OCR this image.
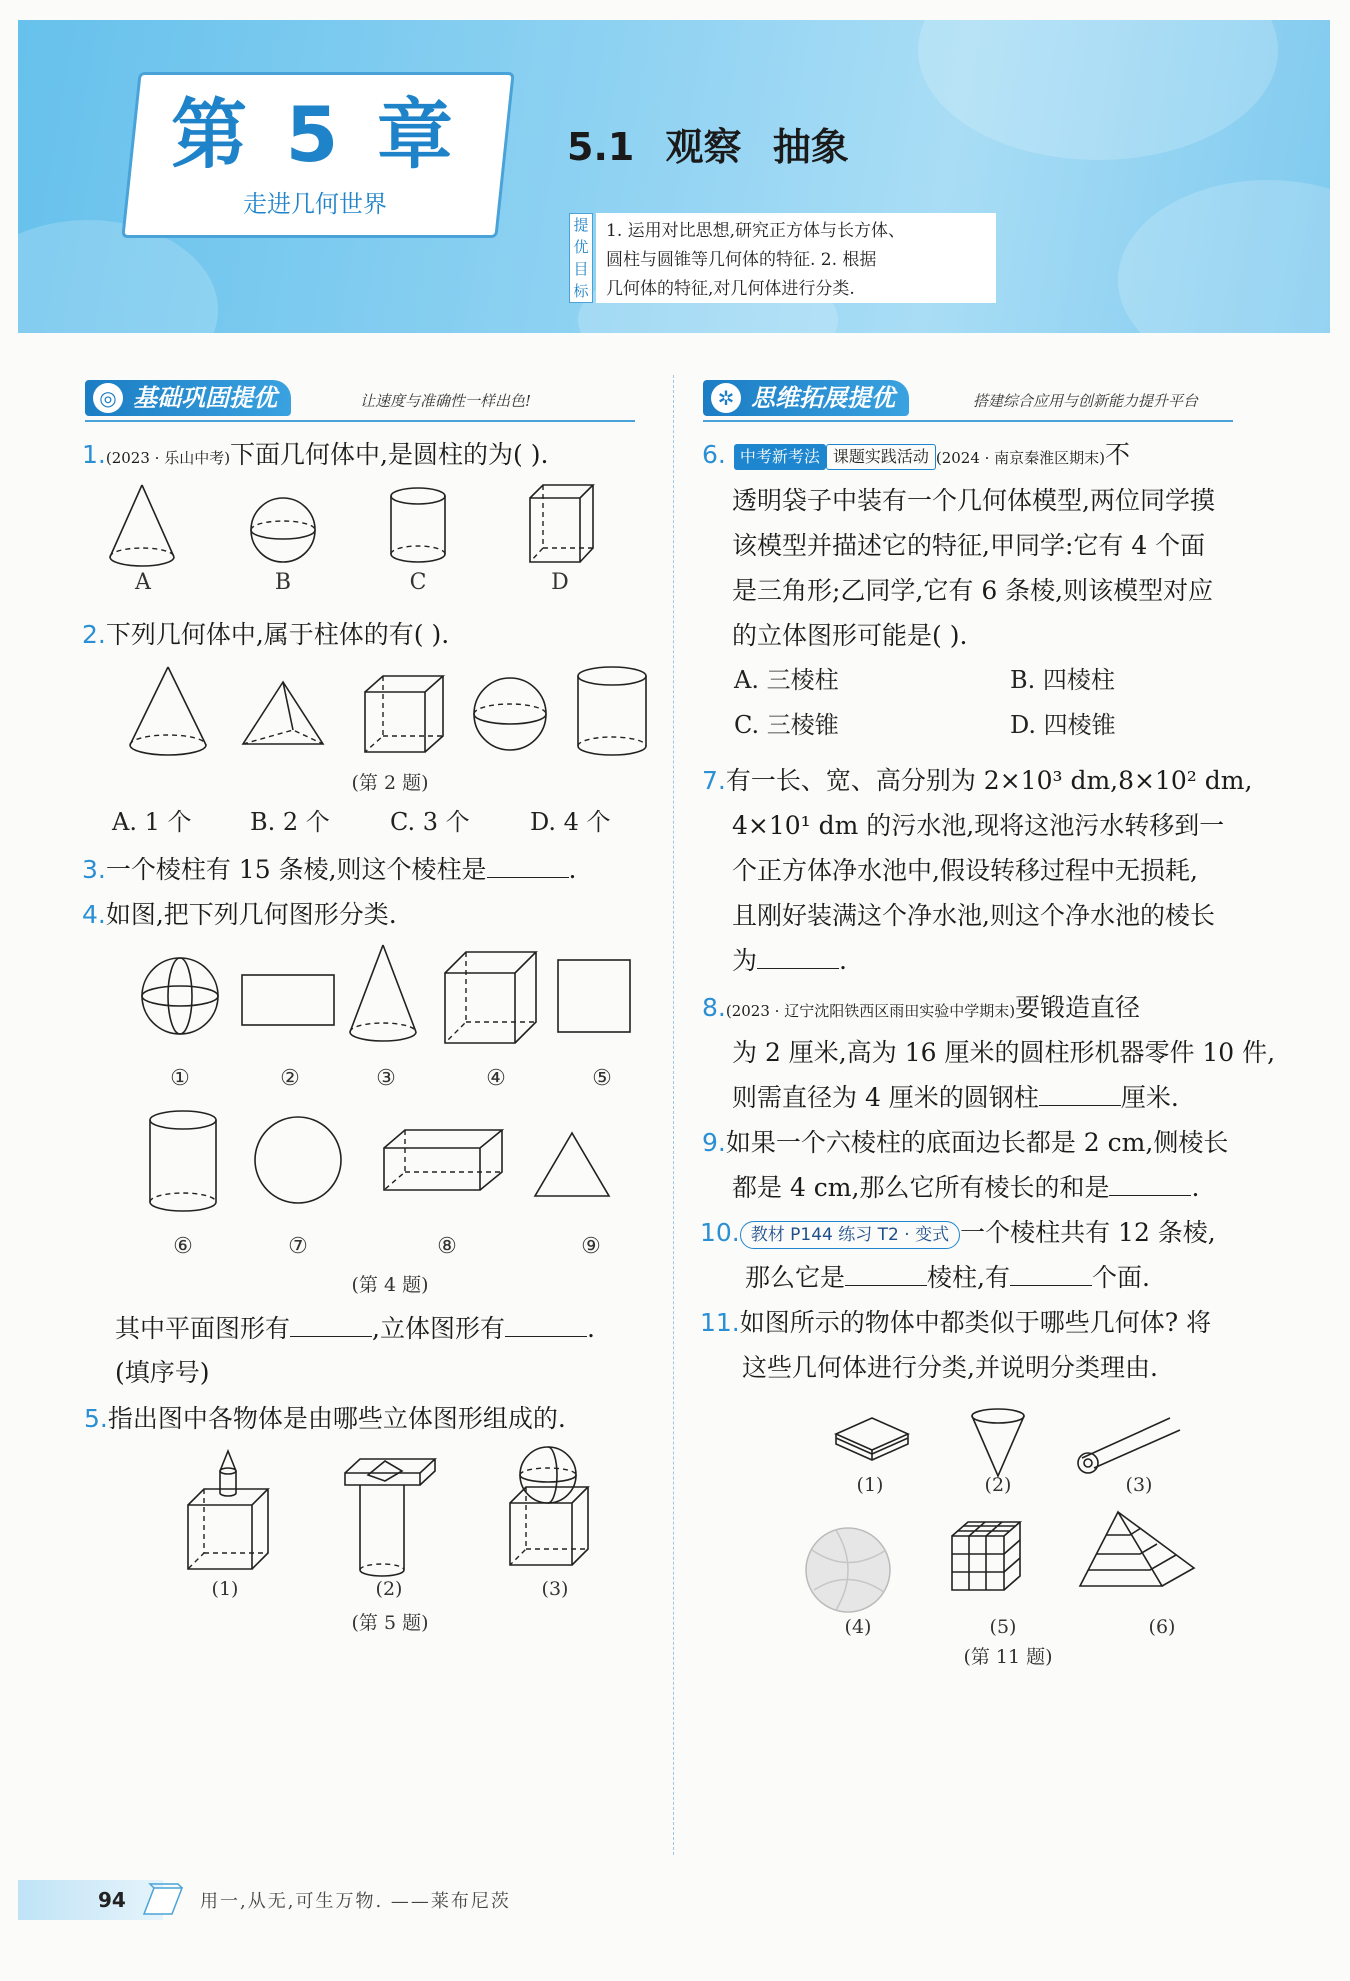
第 5 章
走进几何世界
5.1 观察 抽象
提优目标
1. 运用对比思想,研究正方体与长方体、
圆柱与圆锥等几何体的特征. 2. 根据
几何体的特征,对几何体进行分类.
◎ 基础巩固提优	让速度与准确性一样出色!	✲ 思维拓展提优	搭建综合应用与创新能力提升平台
1.(2023 · 乐山中考)下面几何体中,是圆柱的为( ).
A	B	C	D
2.下列几何体中,属于柱体的有( ).
(第 2 题)
A. 1 个 B. 2 个	C. 3 个	D. 4 个
3.一个棱柱有 15 条棱,则这个棱柱是	.
4.如图,把下列几何图形分类.
①	②	③	④	⑤
⑥	⑦	⑧	⑨
(第 4 题)
其中平面图形有	,立体图形有	.
(填序号)
5.指出图中各物体是由哪些立体图形组成的.
(1)	(2)	(3)
(第 5 题)
6. 中考新考法 课题实践活动 (2024 · 南京秦淮区期末)不
透明袋子中装有一个几何体模型,两位同学摸
该模型并描述它的特征,甲同学:它有 4 个面
是三角形;乙同学,它有 6 条棱,则该模型对应
的立体图形可能是( ).
A. 三棱柱	B. 四棱柱
C. 三棱锥	D. 四棱锥
7.有一长、宽、高分别为 2×10³ dm,8×10² dm,
4×10¹ dm 的污水池,现将这池污水转移到一
个正方体净水池中,假设转移过程中无损耗,
且刚好装满这个净水池,则这个净水池的棱长
为	.
8.(2023 · 辽宁沈阳铁西区雨田实验中学期末)要锻造直径
为 2 厘米,高为 16 厘米的圆柱形机器零件 10 件,
则需直径为 4 厘米的圆钢柱	厘米.
9.如果一个六棱柱的底面边长都是 2 cm,侧棱长
都是 4 cm,那么它所有棱长的和是	.
10. 教材 P144 练习 T2 · 变式 一个棱柱共有 12 条棱,
那么它是	棱柱,有	个面.
11.如图所示的物体中都类似于哪些几何体? 将
这些几何体进行分类,并说明分类理由.
(1)	(2)	(3)
(4)	(5)	(6)
(第 11 题)
94	用一,从无,可生万物. ——莱布尼茨
